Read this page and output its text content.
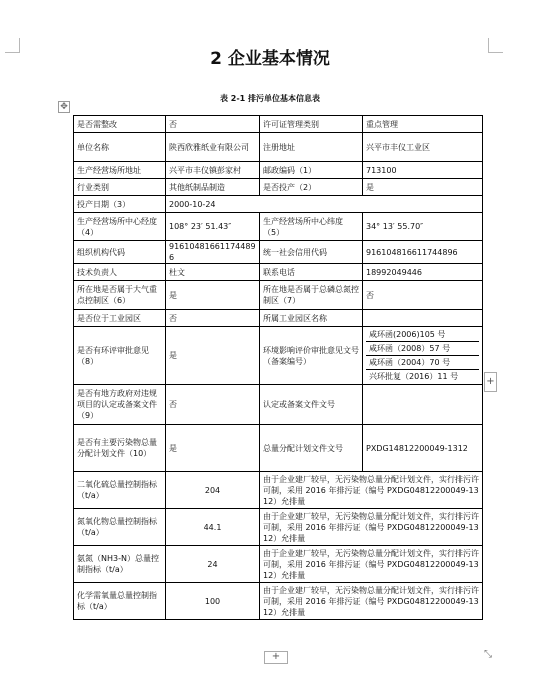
2 企业基本情况
表 2-1 排污单位基本信息表
✥
是否需整改	否	许可证管理类别	重点管理
单位名称	陕西欣雅纸业有限公司	注册地址	兴平市丰仪工业区
生产经营场所地址	兴平市丰仪镇彭家村	邮政编码（1）	713100
行业类别	其他纸制品制造	是否投产（2）	是
投产日期（3）	2000-10-24		
生产经营场所中心经度（4）	108° 23′ 51.43″	生产经营场所中心纬度（5）	34° 13′ 55.70″
组织机构代码	9161048166117448​96	统一社会信用代码	916104816611744896
技术负责人	杜文	联系电话	18992049446
所在地是否属于大气重点控制区（6）	是	所在地是否属于总磷总氮控制区（7）	否
是否位于工业园区	否	所属工业园区名称	
是否有环评审批意见（8）	是	环境影响评价审批意见文号（备案编号）	咸环函(2006)105 号
咸环函（2008）57 号
咸环函（2004）70 号
兴环批复（2016）11 号

是否有地方政府对违规项目的认定或备案文件（9）	否	认定或备案文件文号	
是否有主要污染物总量分配计划文件（10）	是	总量分配计划文件文号	PXDG14812200049-1312
二氧化硫总量控制指标（t/a）	204	由于企业建厂较早，无污染物总量分配计划文件，实行排污许可制，采用 2016 年排污证（编号 PXDG04812200049-1312）允排量	
氮氧化物总量控制指标（t/a）	44.1	由于企业建厂较早，无污染物总量分配计划文件，实行排污许可制，采用 2016 年排污证（编号 PXDG04812200049-1312）允排量	
氨氮（NH3-N）总量控制指标（t/a）	24	由于企业建厂较早，无污染物总量分配计划文件，实行排污许可制，采用 2016 年排污证（编号 PXDG04812200049-1312）允排量	
化学需氧量总量控制指标（t/a）	100	由于企业建厂较早，无污染物总量分配计划文件，实行排污许可制，采用 2016 年排污证（编号 PXDG04812200049-1312）允排量	
+
+	⤡
